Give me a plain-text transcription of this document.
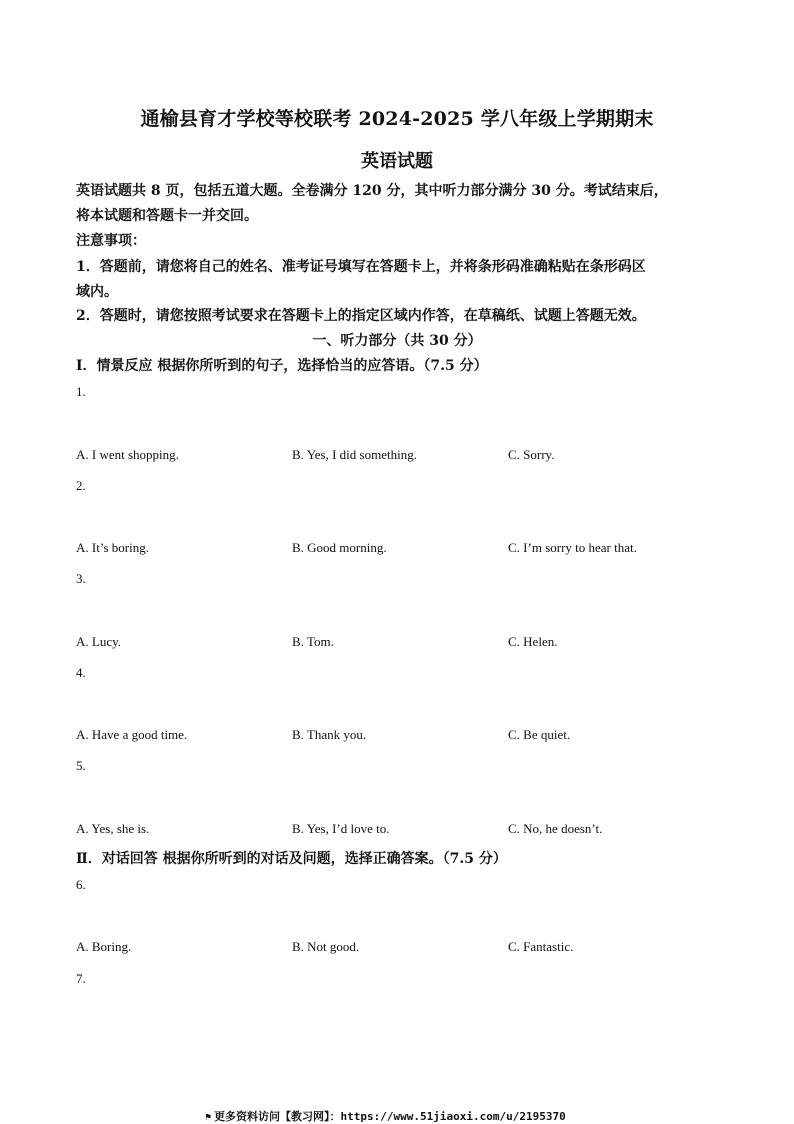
通榆县育才学校等校联考 2024-2025 学八年级上学期期末
英语试题
英语试题共 8 页，包括五道大题。全卷满分 120 分，其中听力部分满分 30 分。考试结束后，
将本试题和答题卡一并交回。
注意事项：
1．答题前，请您将自己的姓名、准考证号填写在答题卡上，并将条形码准确粘贴在条形码区
域内。
2．答题时，请您按照考试要求在答题卡上的指定区域内作答，在草稿纸、试题上答题无效。
一、听力部分（共 30 分）
Ⅰ．情景反应 根据你所听到的句子，选择恰当的应答语。（7.5 分）
1.
A. I went shopping.	B. Yes, I did something.	C. Sorry.
2.
A. It’s boring.	B. Good morning.	C. I’m sorry to hear that.
3.
A. Lucy.	B. Tom.	C. Helen.
4.
A. Have a good time.	B. Thank you.	C. Be quiet.
5.
A. Yes, she is.	B. Yes, I’d love to.	C. No, he doesn’t.
Ⅱ．对话回答 根据你所听到的对话及问题，选择正确答案。（7.5 分）
6.
A. Boring.	B. Not good.	C. Fantastic.
7.
⚑ 更多资料访问【教习网】：https://www.51jiaoxi.com/u/2195370
